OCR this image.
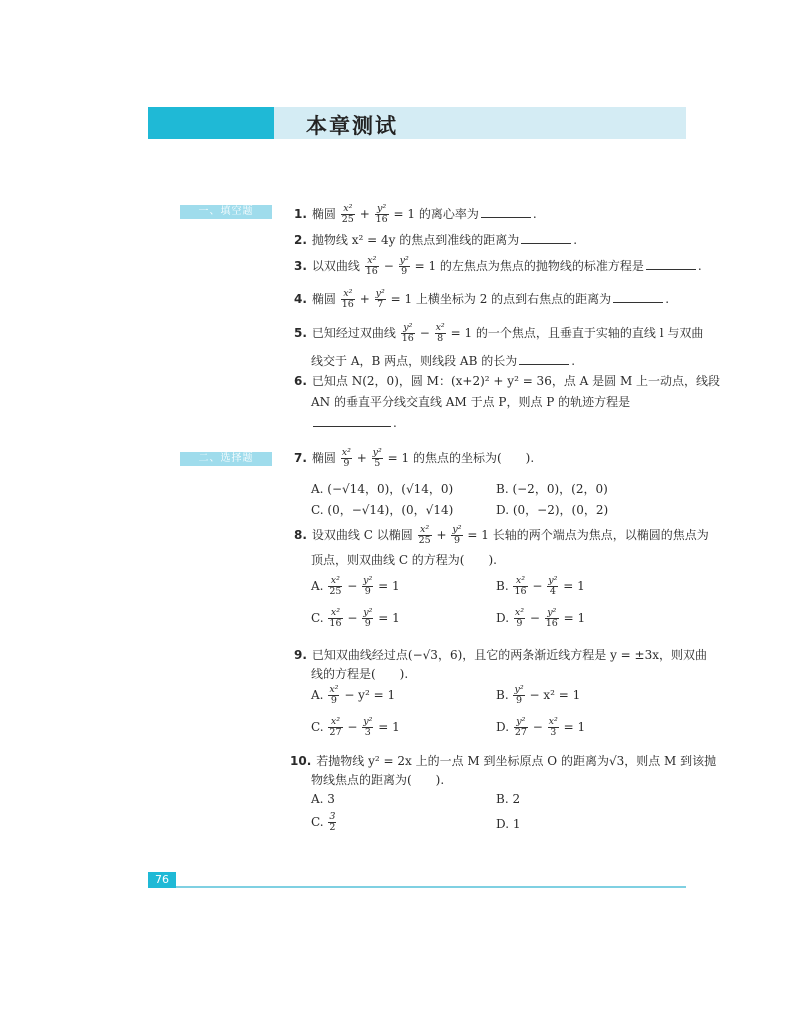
本章测试
一、填空题
二、选择题
1. 椭圆 $\frac{\text{x²}}{25} + \frac{\text{y²}}{16} = 1$ 的离心率为	.
2. 抛物线 x² = 4y 的焦点到准线的距离为	.
3. 以双曲线 $\frac{\text{x²}}{16} - \frac{\text{y²}}{9} = 1$ 的左焦点为焦点的抛物线的标准方程是	.
4. 椭圆 $\frac{\text{x²}}{16} + \frac{\text{y²}}{7} = 1$ 上横坐标为 2 的点到右焦点的距离为	.
5. 已知经过双曲线 $\frac{\text{y²}}{16} - \frac{\text{x²}}{8} = 1$ 的一个焦点，且垂直于实轴的直线 l 与双曲
线交于 A，B 两点，则线段 AB 的长为	.
6. 已知点 N(2，0)，圆 M：(x+2)² + y² = 36，点 A 是圆 M 上一动点，线段
AN 的垂直平分线交直线 AM 于点 P，则点 P 的轨迹方程是
.
7. 椭圆 $\frac{\text{x²}}{9} + \frac{\text{y²}}{5} = 1$ 的焦点的坐标为(　　).
A. (−√14，0)，(√14，0)	B. (−2，0)，(2，0)
C. (0，−√14)，(0，√14)	D. (0，−2)，(0，2)
8. 设双曲线 C 以椭圆 $\frac{\text{x²}}{25} + \frac{\text{y²}}{9} = 1$ 长轴的两个端点为焦点，以椭圆的焦点为
顶点，则双曲线 C 的方程为(　　).
A. $\frac{\text{x²}}{25} - \frac{\text{y²}}{9} = 1$	B. $\frac{\text{x²}}{16} - \frac{\text{y²}}{4} = 1$
C. $\frac{\text{x²}}{16} - \frac{\text{y²}}{9} = 1$	D. $\frac{\text{x²}}{9} - \frac{\text{y²}}{16} = 1$
9. 已知双曲线经过点(−√3，6)，且它的两条渐近线方程是 y = ±3x，则双曲
线的方程是(　　).
A. $\frac{\text{x²}}{9} - y^2 = 1$	B. $\frac{\text{y²}}{9} - x^2 = 1$
C. $\frac{\text{x²}}{27} - \frac{\text{y²}}{3} = 1$	D. $\frac{\text{y²}}{27} - \frac{\text{x²}}{3} = 1$
10. 若抛物线 y² = 2x 上的一点 M 到坐标原点 O 的距离为√3，则点 M 到该抛
物线焦点的距离为(　　).
A. 3	B. 2
C. $\frac{3}{2}$	D. 1
76
